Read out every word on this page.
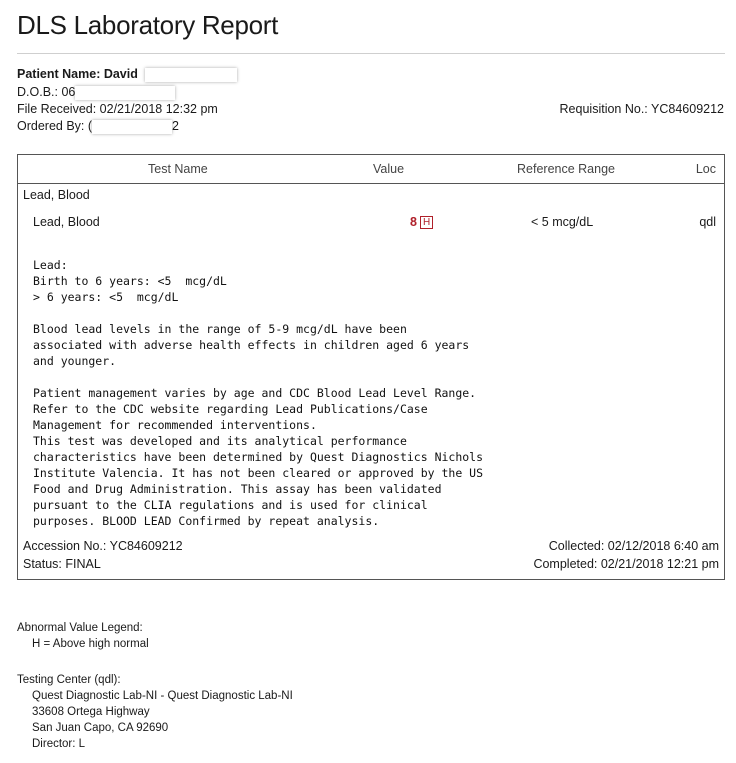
DLS Laboratory Report
Patient Name: David
D.O.B.: 06
File Received: 02/21/2018 12:32 pm
Ordered By: (	2
Requisition No.: YC84609212
Test Name	Value	Reference Range	Loc
Lead, Blood
Lead, Blood	8 H	< 5 mcg/dL	qdl
Lead:
Birth to 6 years: <5  mcg/dL
> 6 years: <5  mcg/dL

Blood lead levels in the range of 5-9 mcg/dL have been
associated with adverse health effects in children aged 6 years
and younger.

Patient management varies by age and CDC Blood Lead Level Range.
Refer to the CDC website regarding Lead Publications/Case
Management for recommended interventions.
This test was developed and its analytical performance
characteristics have been determined by Quest Diagnostics Nichols
Institute Valencia. It has not been cleared or approved by the US
Food and Drug Administration. This assay has been validated
pursuant to the CLIA regulations and is used for clinical
purposes. BLOOD LEAD Confirmed by repeat analysis.
Accession No.: YC84609212
Status: FINAL
Collected: 02/12/2018 6:40 am
Completed: 02/21/2018 12:21 pm
Abnormal Value Legend:
H = Above high normal
Testing Center (qdl):
Quest Diagnostic Lab-NI - Quest Diagnostic Lab-NI
33608 Ortega Highway
San Juan Capo, CA 92690
Director: L
